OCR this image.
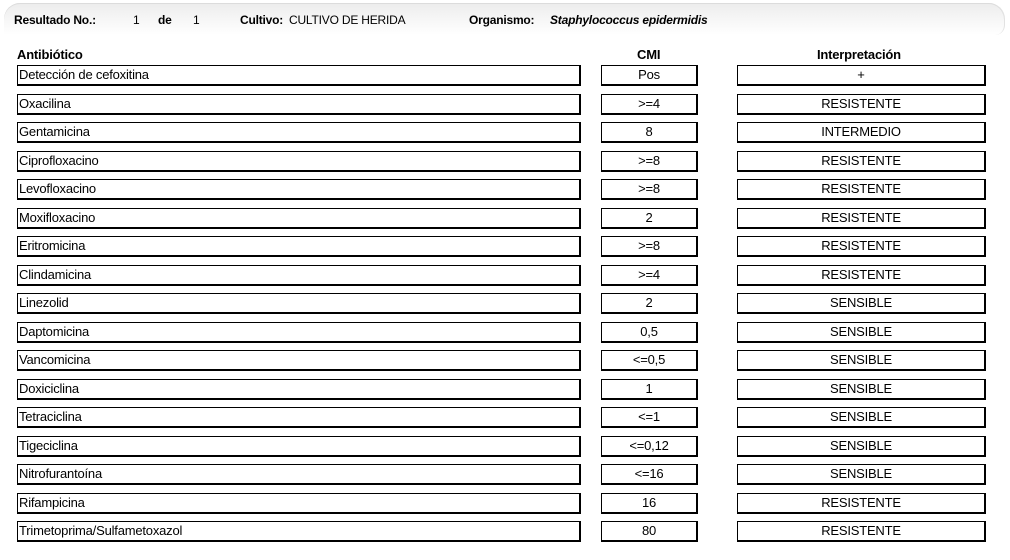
Resultado No.:	1 de 1	Cultivo: CULTIVO DE HERIDA	Organismo: Staphylococcus epidermidis
Antibiótico	CMI	Interpretación
Detección de cefoxitina	Pos	+
Oxacilina	>=4	RESISTENTE
Gentamicina	8	INTERMEDIO
Ciprofloxacino	>=8	RESISTENTE
Levofloxacino	>=8	RESISTENTE
Moxifloxacino	2	RESISTENTE
Eritromicina	>=8	RESISTENTE
Clindamicina	>=4	RESISTENTE
Linezolid	2	SENSIBLE
Daptomicina	0,5	SENSIBLE
Vancomicina	<=0,5	SENSIBLE
Doxiciclina	1	SENSIBLE
Tetraciclina	<=1	SENSIBLE
Tigeciclina	<=0,12	SENSIBLE
Nitrofurantoína	<=16	SENSIBLE
Rifampicina	16	RESISTENTE
Trimetoprima/Sulfametoxazol	80	RESISTENTE
